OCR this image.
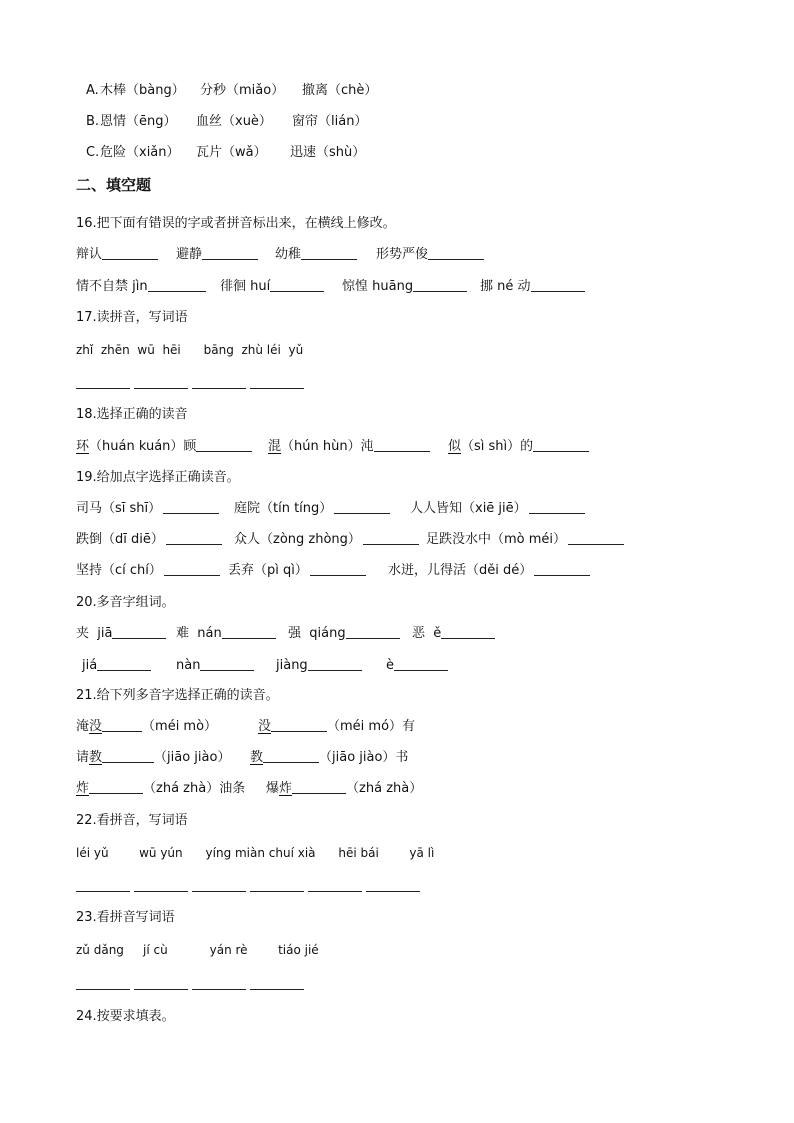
A. 木棒（bàng） 分秒（miǎo） 撤离（chè）
B. 恩情（ēng） 血丝（xuè） 窗帘（lián）
C. 危险（xiǎn） 瓦片（wǎ） 迅速（shù）
二、填空题
16.把下面有错误的字或者拼音标出来，在横线上修改。
辩认	避静	幼稚	形势严俊
情不自禁 jìn	徘徊 huí	惊惶 huāng	挪 né 动
17.读拼音，写词语
zhǐ  zhēn  wū  hēi      bāng  zhù léi  yǔ
18.选择正确的读音
环（huán kuán）顾	混（hún hùn）沌	似（sì shì）的
19.给加点字选择正确读音。
司马（sī shī）	庭院（tín tíng）	人人皆知（xiē jiē）
跌倒（dī diē）	众人（zòng zhòng）	足跌没水中（mò méi）
坚持（cí chí）	丢弃（pì qì）	水迸，儿得活（děi dé）
20.多音字组词。
夹  jiā	难  nán	强  qiáng	恶  ě
jiá	nàn	jiàng	è
21.给下列多音字选择正确的读音。
淹没	（méi mò）	没	（méi mó）有
请教	（jiāo jiào） 教	（jiāo jiào）书
炸	（zhá zhà）油条 爆炸	（zhá zhà）
22.看拼音，写词语
léi yǔ        wū yún      yíng miàn chuí xià      hēi bái        yā lì
23.看拼音写词语
zǔ dǎng     jí cù           yán rè        tiáo jié
24.按要求填表。
